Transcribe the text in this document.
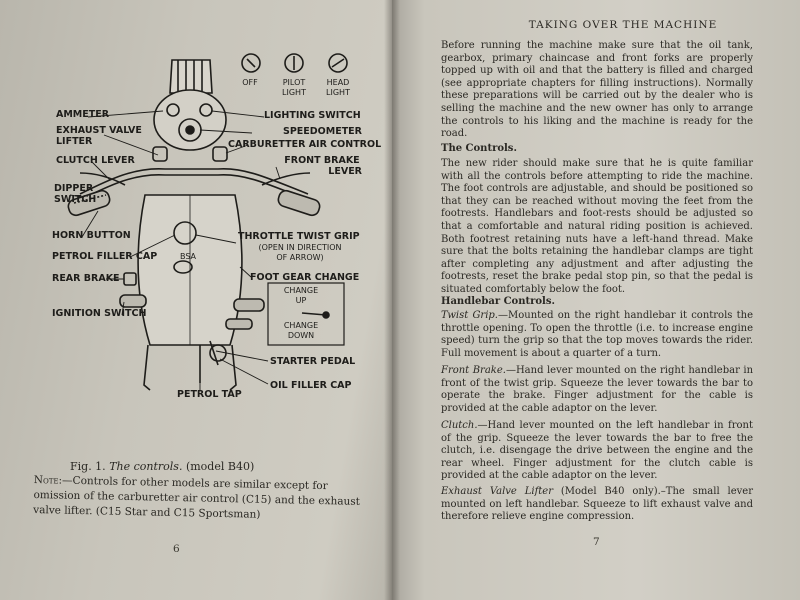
OFF	PILOT
LIGHT
HEAD
LIGHT
AMMETER	LIGHTING SWITCH
EXHAUST VALVE
LIFTER
SPEEDOMETER
CARBURETTER AIR CONTROL
CLUTCH LEVER	FRONT BRAKE
LEVER
DIPPER
SWITCH
HORN BUTTON	THROTTLE TWIST GRIP
(OPEN IN DIRECTION
OF ARROW)
PETROL FILLER CAP
FOOT GEAR CHANGE
REAR BRAKE
CHANGE
UP
CHANGE
DOWN
IGNITION SWITCH
STARTER PEDAL
OIL FILLER CAP
PETROL TAP
BSA
Fig. 1. The controls. (model B40)
Note:—Controls for other models are similar except for omission of the carburetter air control (C15) and the exhaust valve lifter. (C15 Star and C15 Sportsman)
6
TAKING OVER THE MACHINE

Before running the machine make sure that the oil tank, gearbox, primary chaincase and front forks are properly topped up with oil and that the battery is filled and charged (see appropriate chapters for filling instructions). Normally these preparations will be carried out by the dealer who is selling the machine and the new owner has only to arrange the controls to his liking and the machine is ready for the road.

The Controls.

The new rider should make sure that he is quite familiar with all the controls before attempting to ride the machine. The foot controls are adjustable, and should be positioned so that they can be reached without moving the feet from the footrests. Handlebars and foot-rests should be adjusted so that a comfortable and natural riding position is achieved. Both footrest retaining nuts have a left-hand thread. Make sure that the bolts retaining the handlebar clamps are tight after completing any adjustment and after adjusting the footrests, reset the brake pedal stop pin, so that the pedal is situated comfortably below the foot.

Handlebar Controls.

Twist Grip.—Mounted on the right handlebar it controls the throttle opening. To open the throttle (i.e. to increase engine speed) turn the grip so that the top moves towards the rider. Full movement is about a quarter of a turn.

Front Brake.—Hand lever mounted on the right handlebar in front of the twist grip. Squeeze the lever towards the bar to operate the brake. Finger adjustment for the cable is provided at the cable adaptor on the lever.

Clutch.—Hand lever mounted on the left handlebar in front of the grip. Squeeze the lever towards the bar to free the clutch, i.e. disengage the drive between the engine and the rear wheel. Finger adjustment for the clutch cable is provided at the cable adaptor on the lever.

Exhaust Valve Lifter (Model B40 only).–The small lever mounted on left handlebar. Squeeze to lift exhaust valve and therefore relieve engine compression.

7
